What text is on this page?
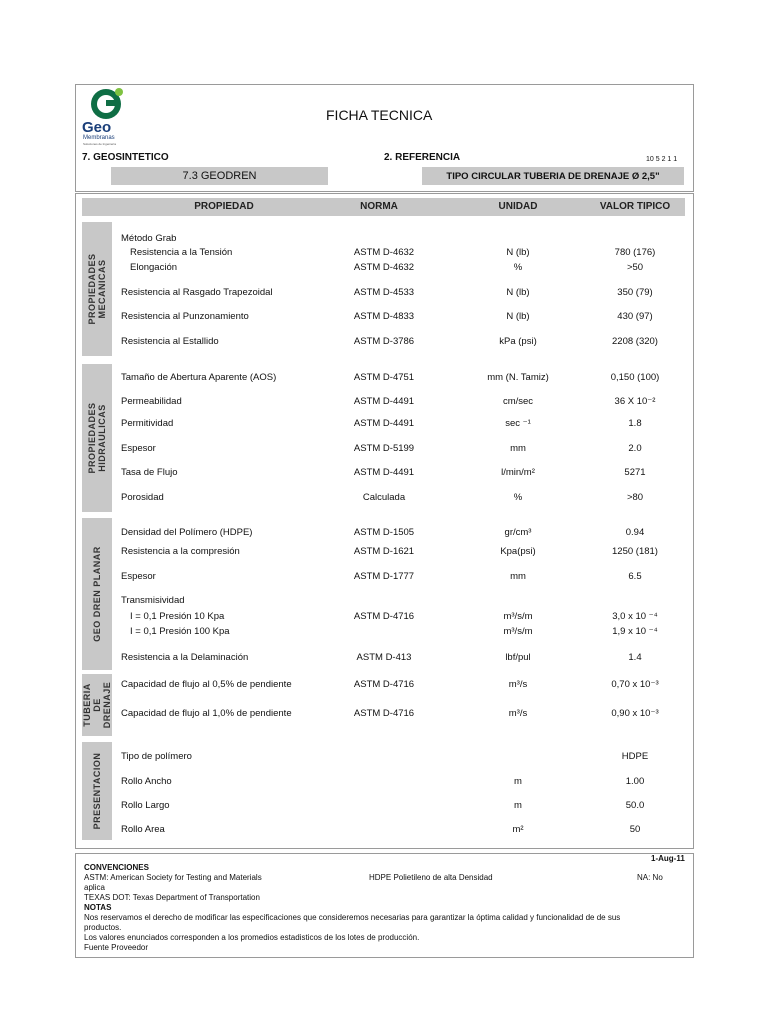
Geo
Membranas
Soluciones de Ingeniería
FICHA TECNICA
7. GEOSINTETICO
7.3 GEODREN
2. REFERENCIA	10 5 2 1 1
TIPO CIRCULAR TUBERIA DE DRENAJE Ø 2,5"
PROPIEDAD	NORMA	UNIDAD	VALOR TIPICO
PROPIEDADES MECANICAS
PROPIEDADES HIDRAULICAS
GEO DREN PLANAR
TUBERIA DE DRENAJE
PRESENTACION
Método Grab
Resistencia a la Tensión	ASTM D-4632	N (lb)	780 (176)
Elongación	ASTM D-4632	%	>50
Resistencia al Rasgado Trapezoidal	ASTM D-4533	N (lb)	350 (79)
Resistencia al Punzonamiento	ASTM D-4833	N (lb)	430 (97)
Resistencia al Estallido	ASTM D-3786	kPa (psi)	2208 (320)
Tamaño de Abertura Aparente (AOS)	ASTM D-4751	mm (N. Tamiz)	0,150 (100)
Permeabilidad	ASTM D-4491	cm/sec	36 X 10⁻²
Permitividad	ASTM D-4491	sec ⁻¹	1.8
Espesor	ASTM D-5199	mm	2.0
Tasa de Flujo	ASTM D-4491	l/min/m²	5271
Porosidad	Calculada	%	>80
Densidad del Polímero (HDPE)	ASTM D-1505	gr/cm³	0.94
Resistencia a la compresión	ASTM D-1621	Kpa(psi)	1250 (181)
Espesor	ASTM D-1777	mm	6.5
Transmisividad
I = 0,1 Presión 10 Kpa	ASTM D-4716	m³/s/m	3,0 x 10 ⁻⁴
I = 0,1 Presión 100 Kpa	m³/s/m	1,9 x 10 ⁻⁴
Resistencia a la Delaminación	ASTM D-413	lbf/pul	1.4
Capacidad de flujo al 0,5% de pendiente	ASTM D-4716	m³/s	0,70 x 10⁻³
Capacidad de flujo al 1,0% de pendiente	ASTM D-4716	m³/s	0,90 x 10⁻³
Tipo de polímero	HDPE
Rollo Ancho	m	1.00
Rollo Largo	m	50.0
Rollo Area	m²	50
1-Aug-11
CONVENCIONES
ASTM: American Society for Testing and Materials	HDPE Polietileno de alta Densidad	NA: No
aplica
TEXAS DOT: Texas Department of Transportation
NOTAS
Nos reservamos el derecho de modificar las especificaciones que consideremos necesarias para garantizar la óptima calidad y funcionalidad de de sus
productos.
Los valores enunciados corresponden a los promedios estadisticos de los lotes de producción.
Fuente Proveedor
